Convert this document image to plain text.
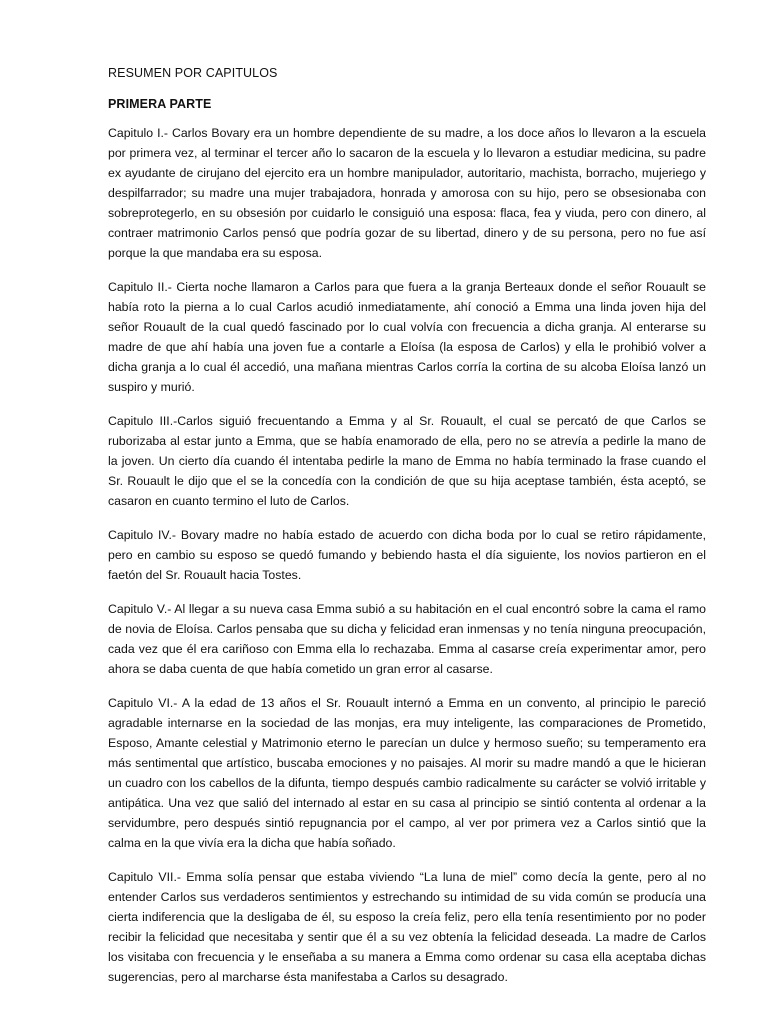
RESUMEN POR CAPITULOS

PRIMERA PARTE

Capitulo I.- Carlos Bovary era un hombre dependiente de su madre, a los doce años lo llevaron a la escuela por primera vez, al terminar el tercer año lo sacaron de la escuela y lo llevaron a estudiar medicina, su padre ex ayudante de cirujano del ejercito era un hombre manipulador, autoritario, machista, borracho, mujeriego y despilfarrador; su madre una mujer trabajadora, honrada y amorosa con su hijo, pero se obsesionaba con sobreprotegerlo, en su obsesión por cuidarlo le consiguió una esposa: flaca, fea y viuda, pero con dinero, al contraer matrimonio Carlos pensó que podría gozar de su libertad, dinero y de su persona, pero no fue así porque la que mandaba era su esposa.

Capitulo II.- Cierta noche llamaron a Carlos para que fuera a la granja Berteaux donde el señor Rouault se había roto la pierna a lo cual Carlos acudió inmediatamente, ahí conoció a Emma una linda joven hija del señor Rouault de la cual quedó fascinado por lo cual volvía con frecuencia a dicha granja. Al enterarse su madre de que ahí había una joven fue a contarle a Eloísa (la esposa de Carlos) y ella le prohibió volver a dicha granja a lo cual él accedió, una mañana mientras Carlos corría la cortina de su alcoba Eloísa lanzó un suspiro y murió.

Capitulo III.-Carlos siguió frecuentando a Emma y al Sr. Rouault, el cual se percató de que Carlos se ruborizaba al estar junto a Emma, que se había enamorado de ella, pero no se atrevía a pedirle la mano de la joven. Un cierto día cuando él intentaba pedirle la mano de Emma no había terminado la frase cuando el Sr. Rouault le dijo que el se la concedía con la condición de que su hija aceptase también, ésta aceptó, se casaron en cuanto termino el luto de Carlos.

Capitulo IV.- Bovary madre no había estado de acuerdo con dicha boda por lo cual se retiro rápidamente, pero en cambio su esposo se quedó fumando y bebiendo hasta el día siguiente, los novios partieron en el faetón del Sr. Rouault hacia Tostes.

Capitulo V.- Al llegar a su nueva casa Emma subió a su habitación en el cual encontró sobre la cama el ramo de novia de Eloísa. Carlos pensaba que su dicha y felicidad eran inmensas y no tenía ninguna preocupación, cada vez que él era cariñoso con Emma ella lo rechazaba. Emma al casarse creía experimentar amor, pero ahora se daba cuenta de que había cometido un gran error al casarse.

Capitulo VI.- A la edad de 13 años el Sr. Rouault internó a Emma en un convento, al principio le pareció agradable internarse en la sociedad de las monjas, era muy inteligente, las comparaciones de Prometido, Esposo, Amante celestial y Matrimonio eterno le parecían un dulce y hermoso sueño; su temperamento era más sentimental que artístico, buscaba emociones y no paisajes. Al morir su madre mandó a que le hicieran un cuadro con los cabellos de la difunta, tiempo después cambio radicalmente su carácter se volvió irritable y antipática. Una vez que salió del internado al estar en su casa al principio se sintió contenta al ordenar a la servidumbre, pero después sintió repugnancia por el campo, al ver por primera vez a Carlos sintió que la calma en la que vivía era la dicha que había soñado.

Capitulo VII.- Emma solía pensar que estaba viviendo “La luna de miel” como decía la gente, pero al no entender Carlos sus verdaderos sentimientos y estrechando su intimidad de su vida común se producía una cierta indiferencia que la desligaba de él, su esposo la creía feliz, pero ella tenía resentimiento por no poder recibir la felicidad que necesitaba y sentir que él a su vez obtenía la felicidad deseada. La madre de Carlos los visitaba con frecuencia y le enseñaba a su manera a Emma como ordenar su casa ella aceptaba dichas sugerencias, pero al marcharse ésta manifestaba a Carlos su desagrado.
